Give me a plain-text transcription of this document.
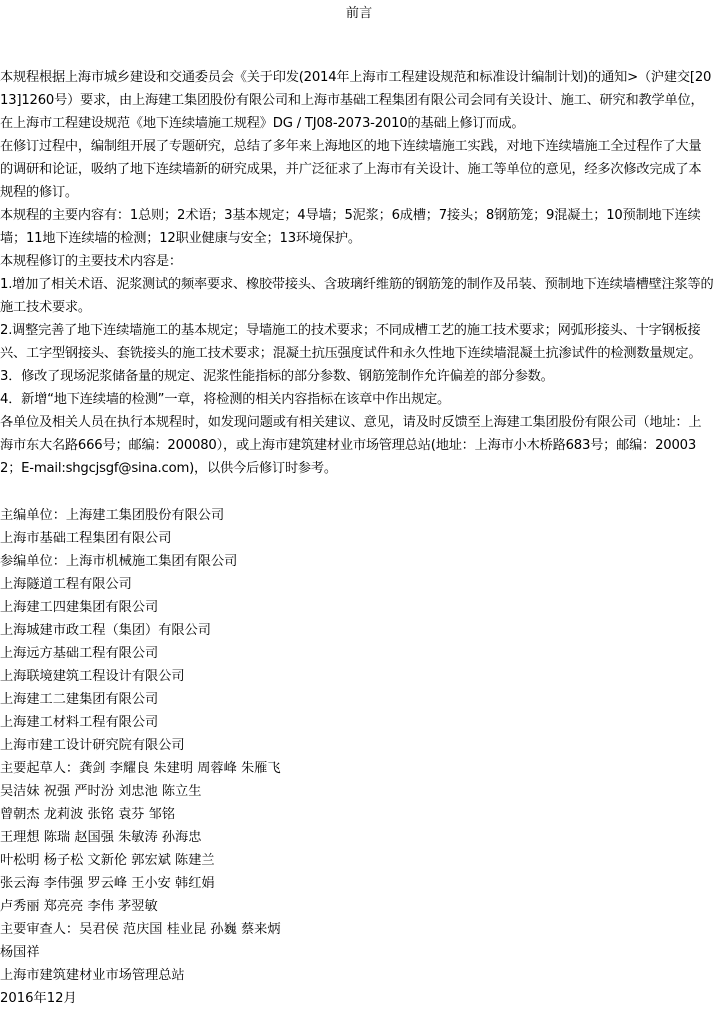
前言

本规程根据上海市城乡建设和交通委员会《关于印发(2014年上海市工程建设规范和标准设计编制计划)的通知>（沪建交[2013]1260号）要求，由上海建工集团股份有限公司和上海市基础工程集团有限公司会同有关设计、施工、研究和教学单位，在上海市工程建设规范《地下连续墙施工规程》DG / TJ08-2073-2010的基础上修订而成。

在修订过程中，编制组开展了专题研究，总结了多年来上海地区的地下连续墙施工实践，对地下连续墙施工全过程作了大量的调研和论证，吸纳了地下连续墙新的研究成果，并广泛征求了上海市有关设计、施工等单位的意见，经多次修改完成了本规程的修订。

本规程的主要内容有：1总则；2术语；3基本规定；4导墙；5泥浆；6成槽；7接头；8钢筋笼；9混凝土；10预制地下连续墙；11地下连续墙的检测；12职业健康与安全；13环境保护。

本规程修订的主要技术内容是：

1.增加了相关术语、泥浆测试的频率要求、橡胶带接头、含玻璃纤维筋的钢筋笼的制作及吊装、预制地下连续墙槽壁注浆等的施工技术要求。

2.调整完善了地下连续墙施工的基本规定；导墙施工的技术要求；不同成槽工艺的施工技术要求；网弧形接头、十字钢板接兴、工字型钢接头、套铣接头的施工技术要求；混凝土抗压强度试件和永久性地下连续墙混凝土抗渗试件的检测数量规定。

3．修改了现场泥浆储备量的规定、泥浆性能指标的部分参数、钢筋笼制作允许偏差的部分参数。

4．新增“地下连续墙的检测”一章，将检测的相关内容指标在该章中作出规定。

各单位及相关人员在执行本规程时，如发现问题或有相关建议、意见，请及时反馈至上海建工集团股份有限公司（地址：上海市东大名路666号；邮编：200080），或上海市建筑建材业市场管理总站(地址：上海市小木桥路683号；邮编：200032；E-mail:shgcjsgf@sina.com)，以供今后修订时参考。

主编单位：上海建工集团股份有限公司
上海市基础工程集团有限公司
参编单位：上海市机械施工集团有限公司
上海隧道工程有限公司
上海建工四建集团有限公司
上海城建市政工程（集团）有限公司
上海远方基础工程有限公司
上海联境建筑工程设计有限公司
上海建工二建集团有限公司
上海建工材料工程有限公司
上海市建工设计研究院有限公司
主要起草人：龚剑 李耀良 朱建明 周蓉峰 朱雁飞
吴洁妹 祝强 严时汾 刘忠池 陈立生
曾朝杰 龙莉波 张铭 袁芬 邹铭
王理想 陈瑞 赵国强 朱敏涛 孙海忠
叶松明 杨子松 文新伦 郭宏斌 陈建兰
张云海 李伟强 罗云峰 王小安 韩红娟
卢秀丽 郑亮亮 李伟 茅翌敏
主要审查人：吴君侯 范庆国 桂业昆 孙巍 蔡来炳
杨国祥
上海市建筑建材业市场管理总站
2016年12月
